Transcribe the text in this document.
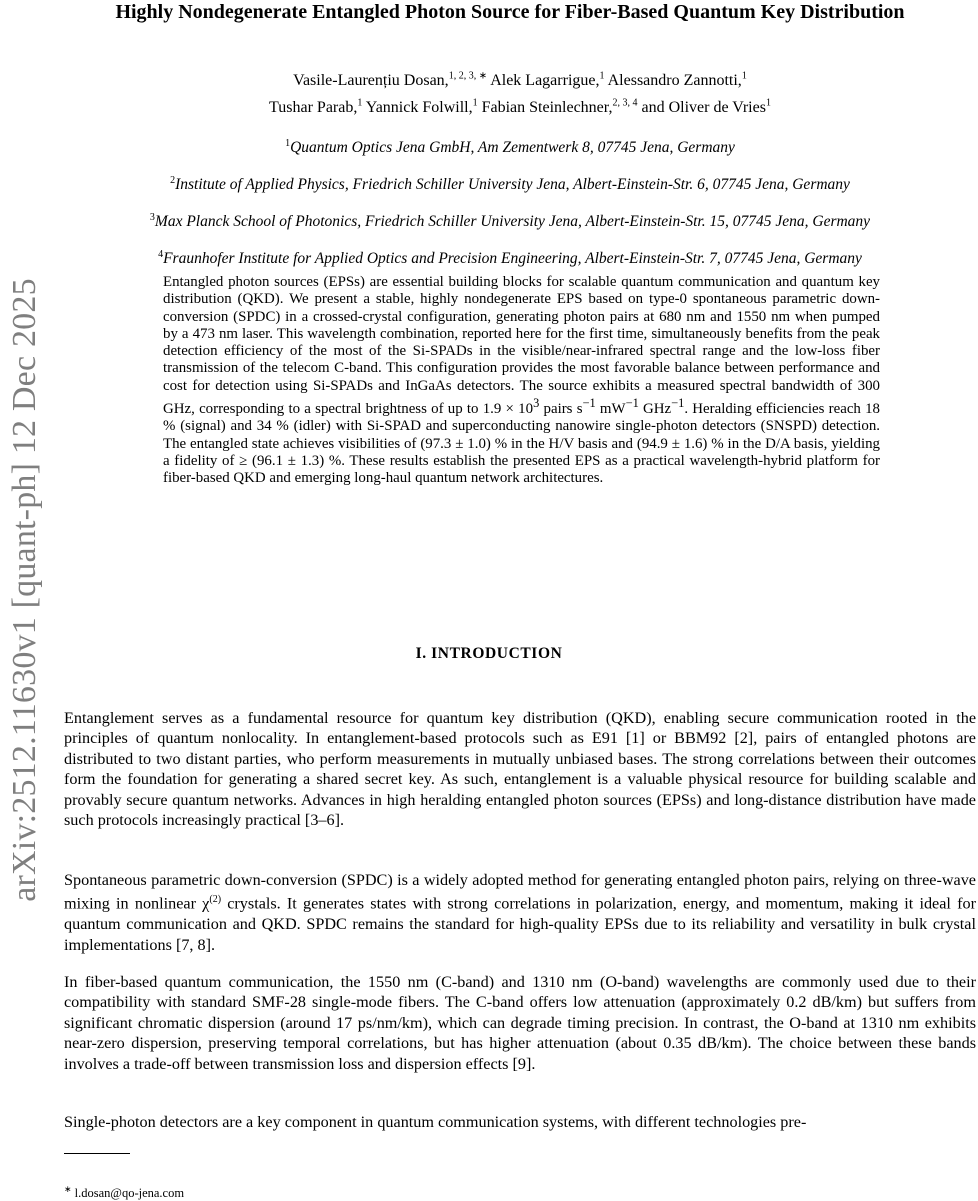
arXiv:2512.11630v1 [quant-ph] 12 Dec 2025
Highly Nondegenerate Entangled Photon Source for Fiber-Based Quantum Key Distribution
Vasile-Laurențiu Dosan,$^{1, 2, 3, ∗}$ Alek Lagarrigue,$^1$ Alessandro Zannotti,$^1$
Tushar Parab,$^1$ Yannick Folwill,$^1$ Fabian Steinlechner,$^{2, 3, 4}$ and Oliver de Vries$^1$
$^1$Quantum Optics Jena GmbH, Am Zementwerk 8, 07745 Jena, Germany
$^2$Institute of Applied Physics, Friedrich Schiller University Jena, Albert-Einstein-Str. 6, 07745 Jena, Germany
$^3$Max Planck School of Photonics, Friedrich Schiller University Jena, Albert-Einstein-Str. 15, 07745 Jena, Germany
$^4$Fraunhofer Institute for Applied Optics and Precision Engineering, Albert-Einstein-Str. 7, 07745 Jena, Germany

Entangled photon sources (EPSs) are essential building blocks for scalable quantum communication and quantum key distribution (QKD). We present a stable, highly nondegenerate EPS based on type-0 spontaneous parametric down-conversion (SPDC) in a crossed-crystal configuration, generating photon pairs at 680 nm and 1550 nm when pumped by a 473 nm laser. This wavelength combination, reported here for the first time, simultaneously benefits from the peak detection efficiency of the most of the Si-SPADs in the visible/near-infrared spectral range and the low-loss fiber transmission of the telecom C-band. This configuration provides the most favorable balance between performance and cost for detection using Si-SPADs and InGaAs detectors. The source exhibits a measured spectral bandwidth of 300 GHz, corresponding to a spectral brightness of up to $1.9 \times 10^3$ pairs $s^{-1}$ $mW^{-1}$ GHz$^{-1}$. Heralding efficiencies reach 18 % (signal) and 34 % (idler) with Si-SPAD and superconducting nanowire single-photon detectors (SNSPD) detection. The entangled state achieves visibilities of (97.3 ± 1.0) % in the H/V basis and (94.9 ± 1.6) % in the D/A basis, yielding a fidelity of ≥ (96.1 ± 1.3) %. These results establish the presented EPS as a practical wavelength-hybrid platform for fiber-based QKD and emerging long-haul quantum network architectures.

I. INTRODUCTION

Entanglement serves as a fundamental resource for quantum key distribution (QKD), enabling secure communication rooted in the principles of quantum nonlocality. In entanglement-based protocols such as E91 [1] or BBM92 [2], pairs of entangled photons are distributed to two distant parties, who perform measurements in mutually unbiased bases. The strong correlations between their outcomes form the foundation for generating a shared secret key. As such, entanglement is a valuable physical resource for building scalable and provably secure quantum networks. Advances in high heralding entangled photon sources (EPSs) and long-distance distribution have made such protocols increasingly practical [3–6].

Spontaneous parametric down-conversion (SPDC) is a widely adopted method for generating entangled photon pairs, relying on three-wave mixing in nonlinear $\chi^{(2)}$ crystals. It generates states with strong correlations in polarization, energy, and momentum, making it ideal for quantum communication and QKD. SPDC remains the standard for high-quality EPSs due to its reliability and versatility in bulk crystal implementations [7, 8].

In fiber-based quantum communication, the 1550 nm (C-band) and 1310 nm (O-band) wavelengths are commonly used due to their compatibility with standard SMF-28 single-mode fibers. The C-band offers low attenuation (approximately 0.2 dB/km) but suffers from significant chromatic dispersion (around 17 ps/nm/km), which can degrade timing precision. In contrast, the O-band at 1310 nm exhibits near-zero dispersion, preserving temporal correlations, but has higher attenuation (about 0.35 dB/km). The choice between these bands involves a trade-off between transmission loss and dispersion effects [9].

Single-photon detectors are a key component in quantum communication systems, with different technologies pre-

∗ l.dosan@qo-jena.com
